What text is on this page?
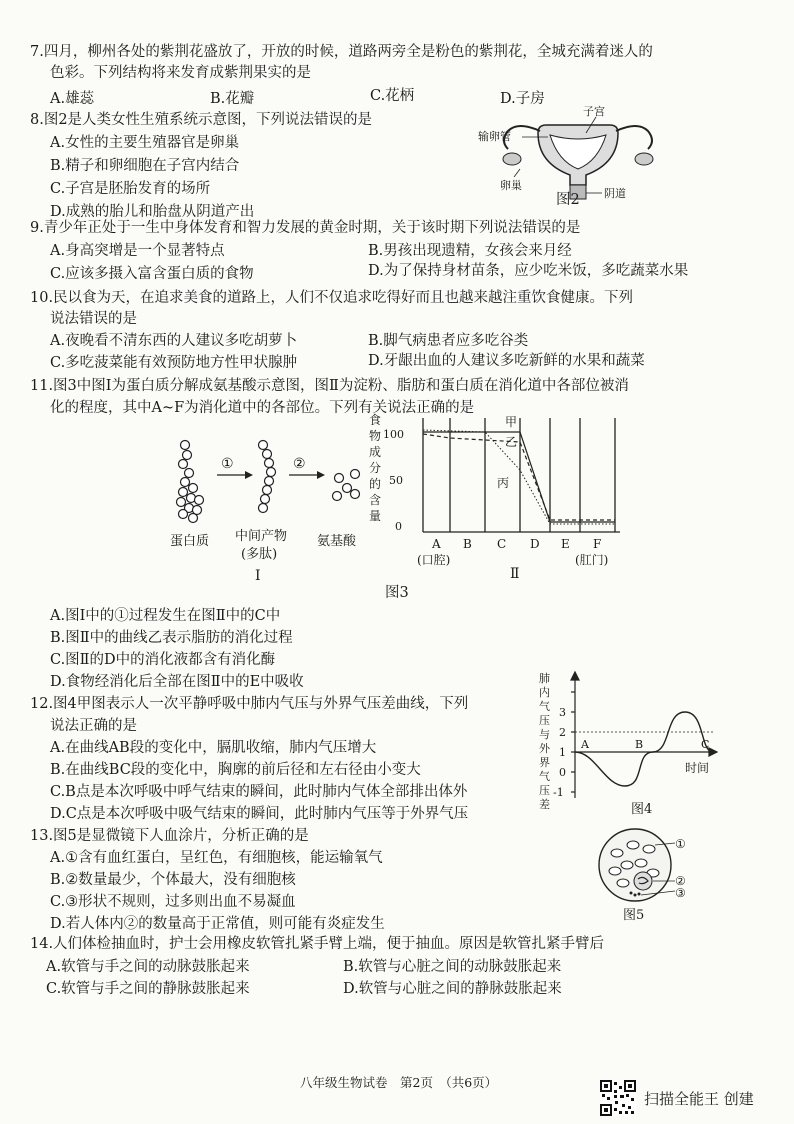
7.四月，柳州各处的紫荆花盛放了，开放的时候，道路两旁全是粉色的紫荆花，全城充满着迷人的
色彩。下列结构将来发育成紫荆果实的是
A.雄蕊	B.花瓣	C.花柄	D.子房
8.图2是人类女性生殖系统示意图，下列说法错误的是
A.女性的主要生殖器官是卵巢
B.精子和卵细胞在子宫内结合
C.子宫是胚胎发育的场所
D.成熟的胎儿和胎盘从阴道产出
子宫
输卵管
卵巢
阴道
图2
9.青少年正处于一生中身体发育和智力发展的黄金时期，关于该时期下列说法错误的是
A.身高突增是一个显著特点	B.男孩出现遗精，女孩会来月经
C.应该多摄入富含蛋白质的食物	D.为了保持身材苗条，应少吃米饭，多吃蔬菜水果
10.民以食为天，在追求美食的道路上，人们不仅追求吃得好而且也越来越注重饮食健康。下列
说法错误的是
A.夜晚看不清东西的人建议多吃胡萝卜	B.脚气病患者应多吃谷类
C.多吃菠菜能有效预防地方性甲状腺肿	D.牙龈出血的人建议多吃新鲜的水果和蔬菜
11.图3中图Ⅰ为蛋白质分解成氨基酸示意图，图Ⅱ为淀粉、脂肪和蛋白质在消化道中各部位被消
化的程度，其中A~F为消化道中的各部位。下列有关说法正确的是
①	②
蛋白质 中间产物
(多肽)
氨基酸
Ⅰ
食
物
成
分
的
含
量
100
50
0
甲
乙
丙
A B C D E F
(口腔)	(肛门)
Ⅱ
图3
A.图Ⅰ中的①过程发生在图Ⅱ中的C中
B.图Ⅱ中的曲线乙表示脂肪的消化过程
C.图Ⅱ的D中的消化液都含有消化酶
D.食物经消化后全部在图Ⅱ中的E中吸收
12.图4甲图表示人一次平静呼吸中肺内气压与外界气压差曲线，下列
说法正确的是
A.在曲线AB段的变化中，膈肌收缩，肺内气压增大
B.在曲线BC段的变化中，胸廓的前后径和左右径由小变大
C.B点是本次呼吸中呼气结束的瞬间，此时肺内气体全部排出体外
D.C点是本次呼吸中吸气结束的瞬间，此时肺内气压等于外界气压
肺
内
气
压
与
外
界
气
压
差
3
2
1
0
-1
A	B	C
时间
图4
13.图5是显微镜下人血涂片，分析正确的是
A.①含有血红蛋白，呈红色，有细胞核，能运输氧气
B.②数量最少，个体最大，没有细胞核
C.③形状不规则，过多则出血不易凝血
D.若人体内②的数量高于正常值，则可能有炎症发生
①
②
③
图5
14.人们体检抽血时，护士会用橡皮软管扎紧手臂上端，便于抽血。原因是软管扎紧手臂后
A.软管与手之间的动脉鼓胀起来	B.软管与心脏之间的动脉鼓胀起来
C.软管与手之间的静脉鼓胀起来	D.软管与心脏之间的静脉鼓胀起来
八年级生物试卷　第2页　（共6页）
扫描全能王 创建
